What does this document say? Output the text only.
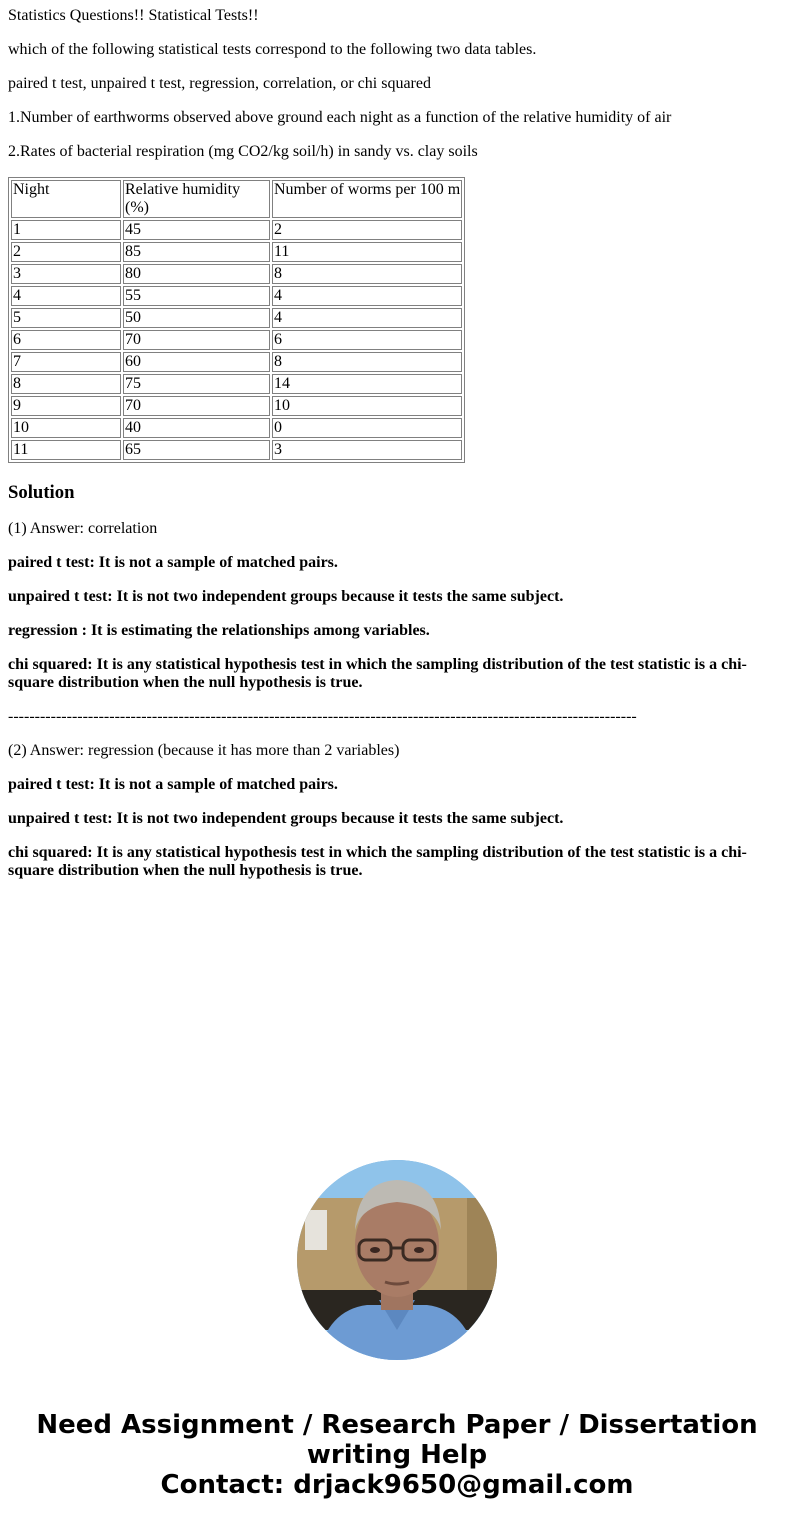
Statistics Questions!! Statistical Tests!!

which of the following statistical tests correspond to the following two data tables.

paired t test, unpaired t test, regression, correlation, or chi squared

1.Number of earthworms observed above ground each night as a function of the relative humidity of air

2.Rates of bacterial respiration (mg CO2/kg soil/h) in sandy vs. clay soils

Night	Relative humidity (%)	Number of worms per 100 m
1	45	2
2	85	11
3	80	8
4	55	4
5	50	4
6	70	6
7	60	8
8	75	14
9	70	10
10	40	0
11	65	3
Solution

(1) Answer: correlation

paired t test: It is not a sample of matched pairs.

unpaired t test: It is not two independent groups because it tests the same subject.

regression : It is estimating the relationships among variables.

chi squared: It is any statistical hypothesis test in which the sampling distribution of the test statistic is a chi-square distribution when the null hypothesis is true.

----------------------------------------------------------------------------------------------------------------------

(2) Answer: regression (because it has more than 2 variables)

paired t test: It is not a sample of matched pairs.

unpaired t test: It is not two independent groups because it tests the same subject.

chi squared: It is any statistical hypothesis test in which the sampling distribution of the test statistic is a chi-square distribution when the null hypothesis is true.

Need Assignment / Research Paper / Dissertation
writing Help
Contact: drjack9650@gmail.com
